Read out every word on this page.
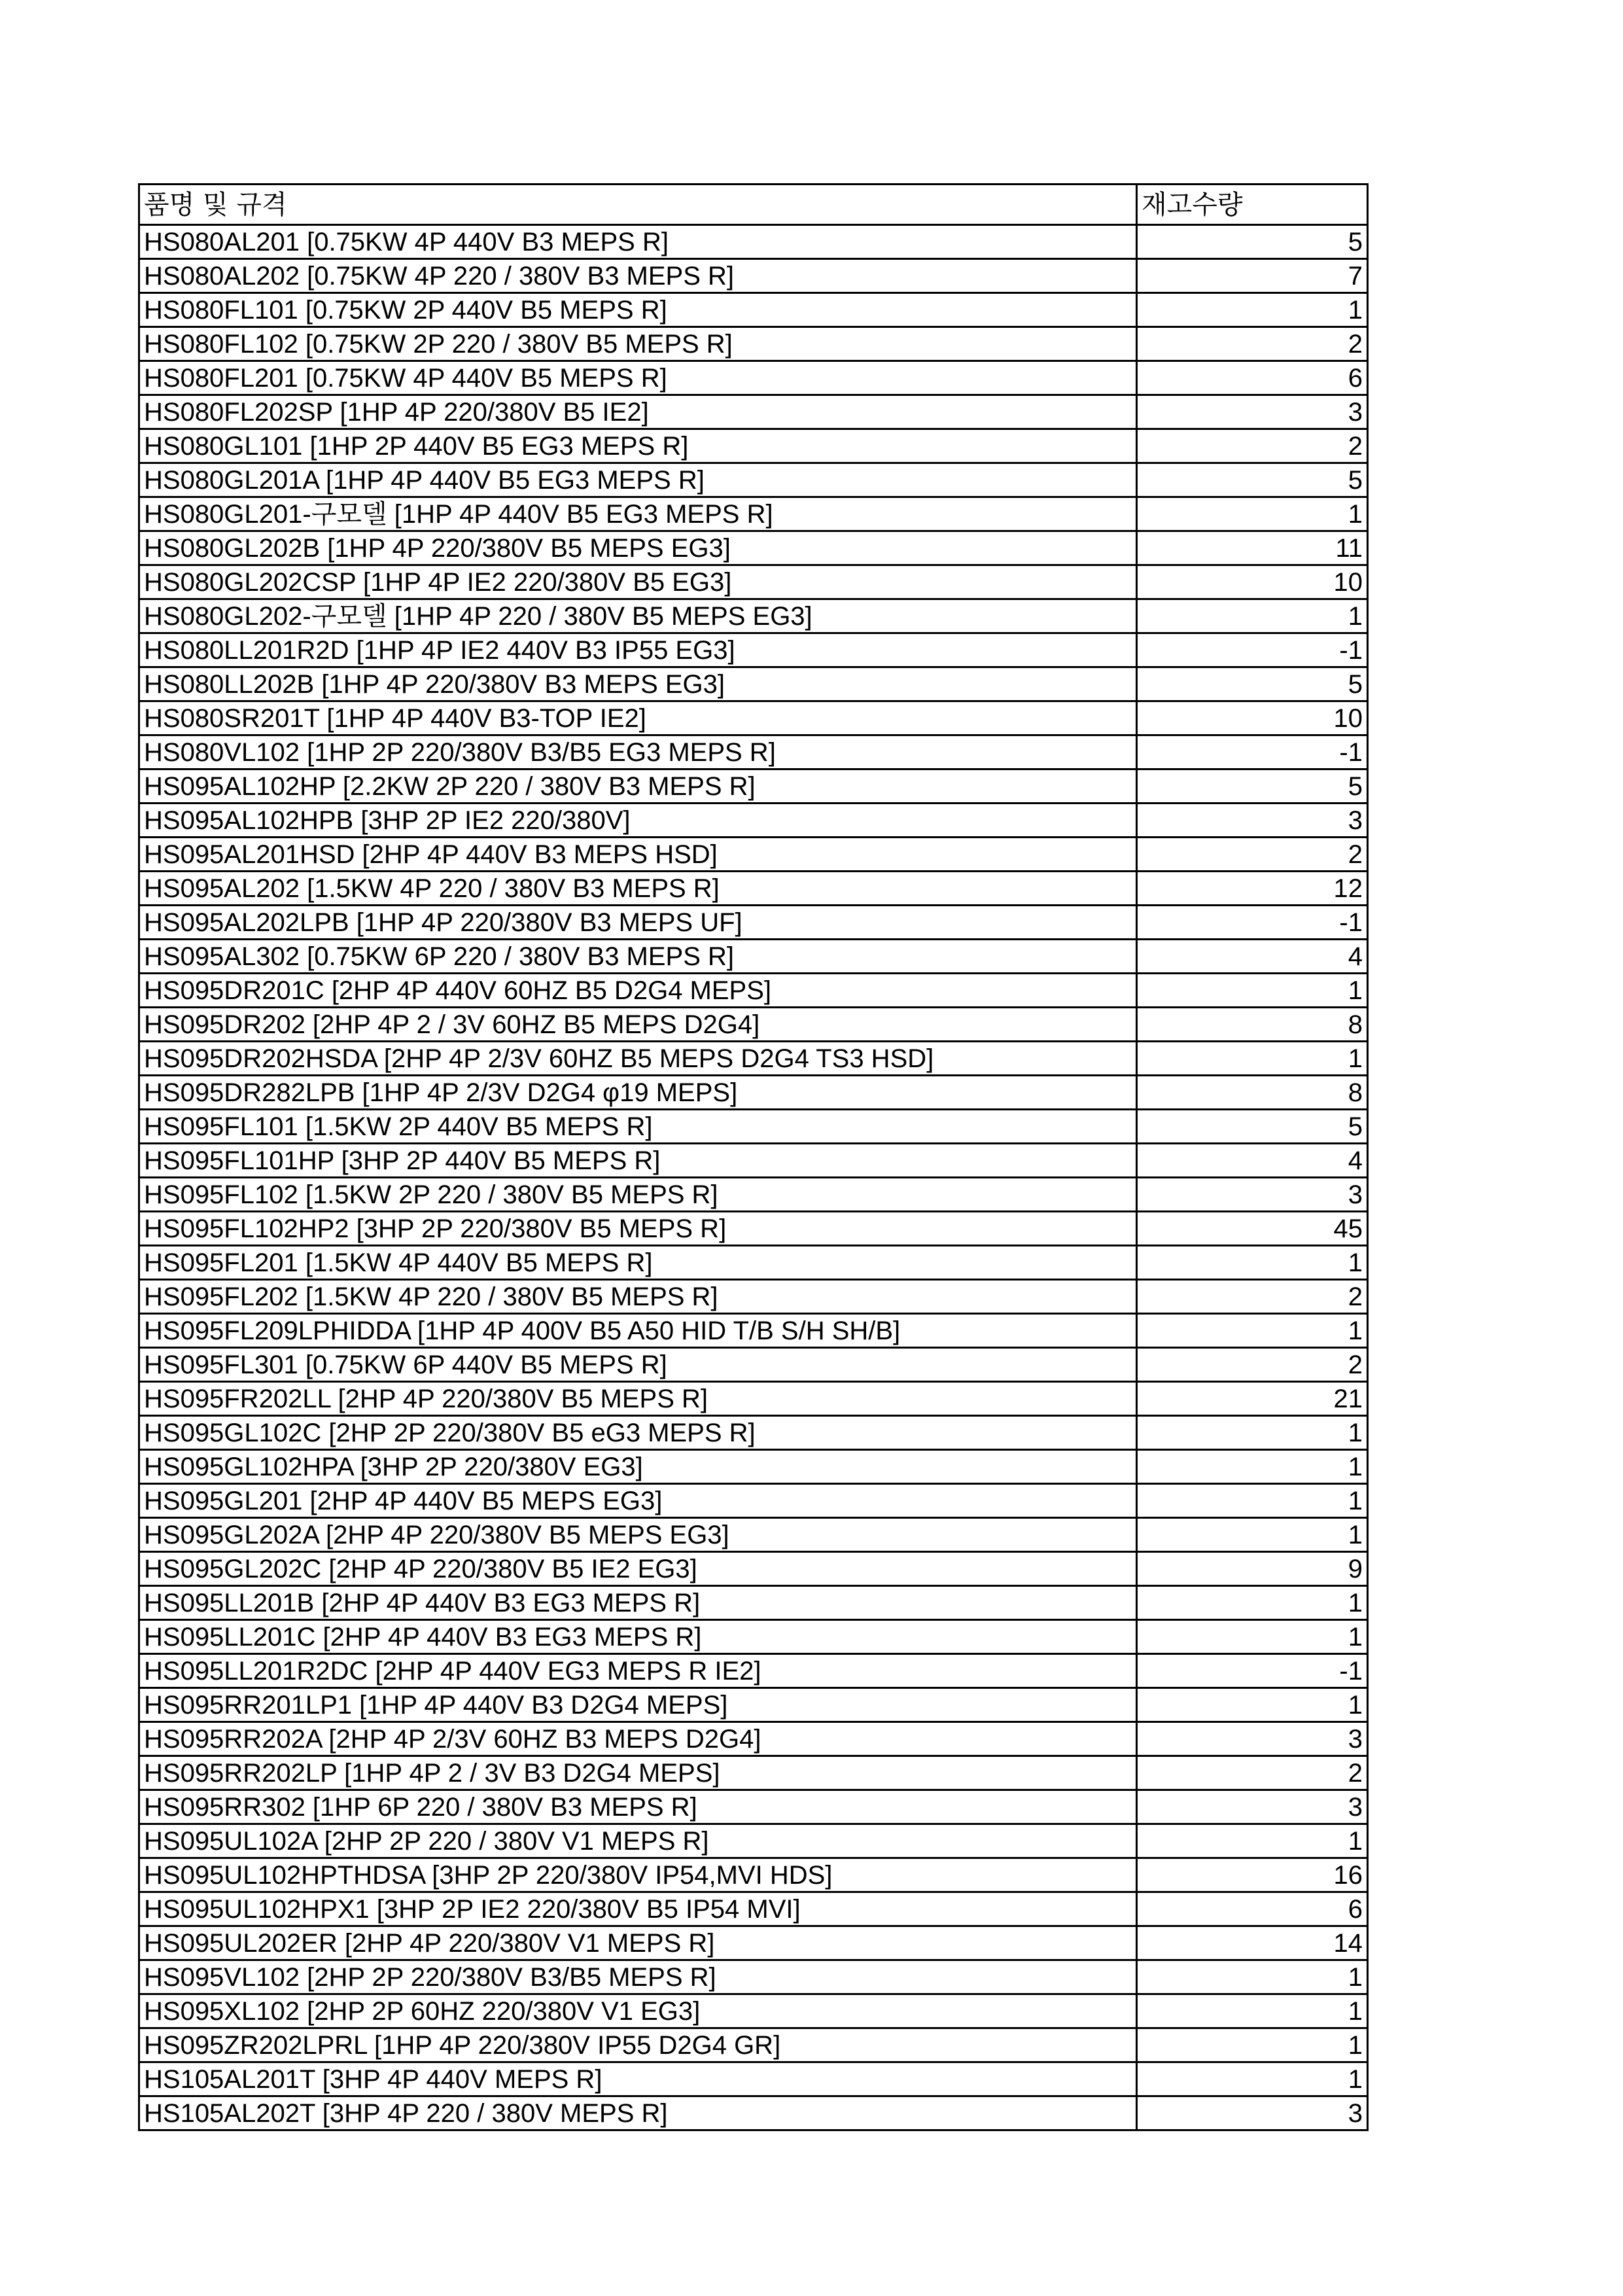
품명 및 규격	재고수량
HS080AL201 [0.75KW 4P 440V B3 MEPS R]	5
HS080AL202 [0.75KW 4P 220 / 380V B3 MEPS R]	7
HS080FL101 [0.75KW 2P 440V B5 MEPS R]	1
HS080FL102 [0.75KW 2P 220 / 380V B5 MEPS R]	2
HS080FL201 [0.75KW 4P 440V B5 MEPS R]	6
HS080FL202SP [1HP 4P 220/380V B5 IE2]	3
HS080GL101 [1HP 2P 440V B5 EG3 MEPS R]	2
HS080GL201A [1HP 4P 440V B5 EG3 MEPS R]	5
HS080GL201-구모델 [1HP 4P 440V B5 EG3 MEPS R]	1
HS080GL202B [1HP 4P 220/380V B5 MEPS EG3]	11
HS080GL202CSP [1HP 4P IE2 220/380V B5 EG3]	10
HS080GL202-구모델 [1HP 4P 220 / 380V B5 MEPS EG3]	1
HS080LL201R2D [1HP 4P IE2 440V B3 IP55 EG3]	-1
HS080LL202B [1HP 4P 220/380V B3 MEPS EG3]	5
HS080SR201T [1HP 4P 440V B3-TOP IE2]	10
HS080VL102 [1HP 2P 220/380V B3/B5 EG3 MEPS R]	-1
HS095AL102HP [2.2KW 2P 220 / 380V B3 MEPS R]	5
HS095AL102HPB [3HP 2P IE2 220/380V]	3
HS095AL201HSD [2HP 4P 440V B3 MEPS HSD]	2
HS095AL202 [1.5KW 4P 220 / 380V B3 MEPS R]	12
HS095AL202LPB [1HP 4P 220/380V B3 MEPS UF]	-1
HS095AL302 [0.75KW 6P 220 / 380V B3 MEPS R]	4
HS095DR201C [2HP 4P 440V 60HZ B5 D2G4 MEPS]	1
HS095DR202 [2HP 4P 2 / 3V 60HZ B5 MEPS D2G4]	8
HS095DR202HSDA [2HP 4P 2/3V 60HZ B5 MEPS D2G4 TS3 HSD]	1
HS095DR282LPB [1HP 4P 2/3V D2G4 φ19 MEPS]	8
HS095FL101 [1.5KW 2P 440V B5 MEPS R]	5
HS095FL101HP [3HP 2P 440V B5 MEPS R]	4
HS095FL102 [1.5KW 2P 220 / 380V B5 MEPS R]	3
HS095FL102HP2 [3HP 2P 220/380V B5 MEPS R]	45
HS095FL201 [1.5KW 4P 440V B5 MEPS R]	1
HS095FL202 [1.5KW 4P 220 / 380V B5 MEPS R]	2
HS095FL209LPHIDDA [1HP 4P 400V B5 A50 HID T/B S/H SH/B]	1
HS095FL301 [0.75KW 6P 440V B5 MEPS R]	2
HS095FR202LL [2HP 4P 220/380V B5 MEPS R]	21
HS095GL102C [2HP 2P 220/380V B5 eG3 MEPS R]	1
HS095GL102HPA [3HP 2P 220/380V EG3]	1
HS095GL201 [2HP 4P 440V B5 MEPS EG3]	1
HS095GL202A [2HP 4P 220/380V B5 MEPS EG3]	1
HS095GL202C [2HP 4P 220/380V B5 IE2 EG3]	9
HS095LL201B [2HP 4P 440V B3 EG3 MEPS R]	1
HS095LL201C [2HP 4P 440V B3 EG3 MEPS R]	1
HS095LL201R2DC [2HP 4P 440V EG3 MEPS R IE2]	-1
HS095RR201LP1 [1HP 4P 440V B3 D2G4 MEPS]	1
HS095RR202A [2HP 4P 2/3V 60HZ B3 MEPS D2G4]	3
HS095RR202LP [1HP 4P 2 / 3V B3 D2G4 MEPS]	2
HS095RR302 [1HP 6P 220 / 380V B3 MEPS R]	3
HS095UL102A [2HP 2P 220 / 380V V1 MEPS R]	1
HS095UL102HPTHDSA [3HP 2P 220/380V IP54,MVI HDS]	16
HS095UL102HPX1 [3HP 2P IE2 220/380V B5 IP54 MVI]	6
HS095UL202ER [2HP 4P 220/380V V1 MEPS R]	14
HS095VL102 [2HP 2P 220/380V B3/B5 MEPS R]	1
HS095XL102 [2HP 2P 60HZ 220/380V V1 EG3]	1
HS095ZR202LPRL [1HP 4P 220/380V IP55 D2G4 GR]	1
HS105AL201T [3HP 4P 440V MEPS R]	1
HS105AL202T [3HP 4P 220 / 380V MEPS R]	3
